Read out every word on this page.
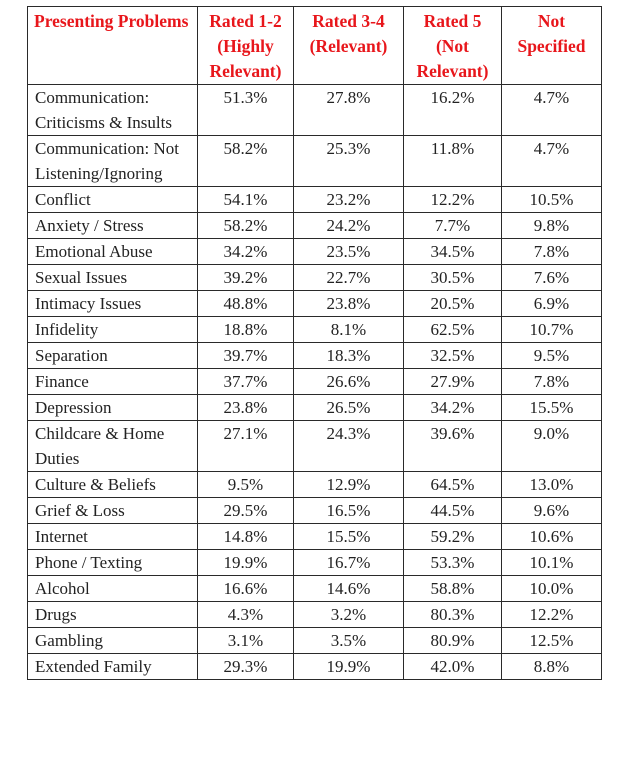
Presenting Problems	Rated 1-2 (Highly Relevant)	Rated 3-4 (Relevant)	Rated 5 (Not Relevant)	Not Specified
Communication: Criticisms & Insults	51.3%	27.8%	16.2%	4.7%
Communication: Not Listening/Ignoring	58.2%	25.3%	11.8%	4.7%
Conflict	54.1%	23.2%	12.2%	10.5%
Anxiety / Stress	58.2%	24.2%	7.7%	9.8%
Emotional Abuse	34.2%	23.5%	34.5%	7.8%
Sexual Issues	39.2%	22.7%	30.5%	7.6%
Intimacy Issues	48.8%	23.8%	20.5%	6.9%
Infidelity	18.8%	8.1%	62.5%	10.7%
Separation	39.7%	18.3%	32.5%	9.5%
Finance	37.7%	26.6%	27.9%	7.8%
Depression	23.8%	26.5%	34.2%	15.5%
Childcare & Home Duties	27.1%	24.3%	39.6%	9.0%
Culture & Beliefs	9.5%	12.9%	64.5%	13.0%
Grief & Loss	29.5%	16.5%	44.5%	9.6%
Internet	14.8%	15.5%	59.2%	10.6%
Phone / Texting	19.9%	16.7%	53.3%	10.1%
Alcohol	16.6%	14.6%	58.8%	10.0%
Drugs	4.3%	3.2%	80.3%	12.2%
Gambling	3.1%	3.5%	80.9%	12.5%
Extended Family	29.3%	19.9%	42.0%	8.8%
